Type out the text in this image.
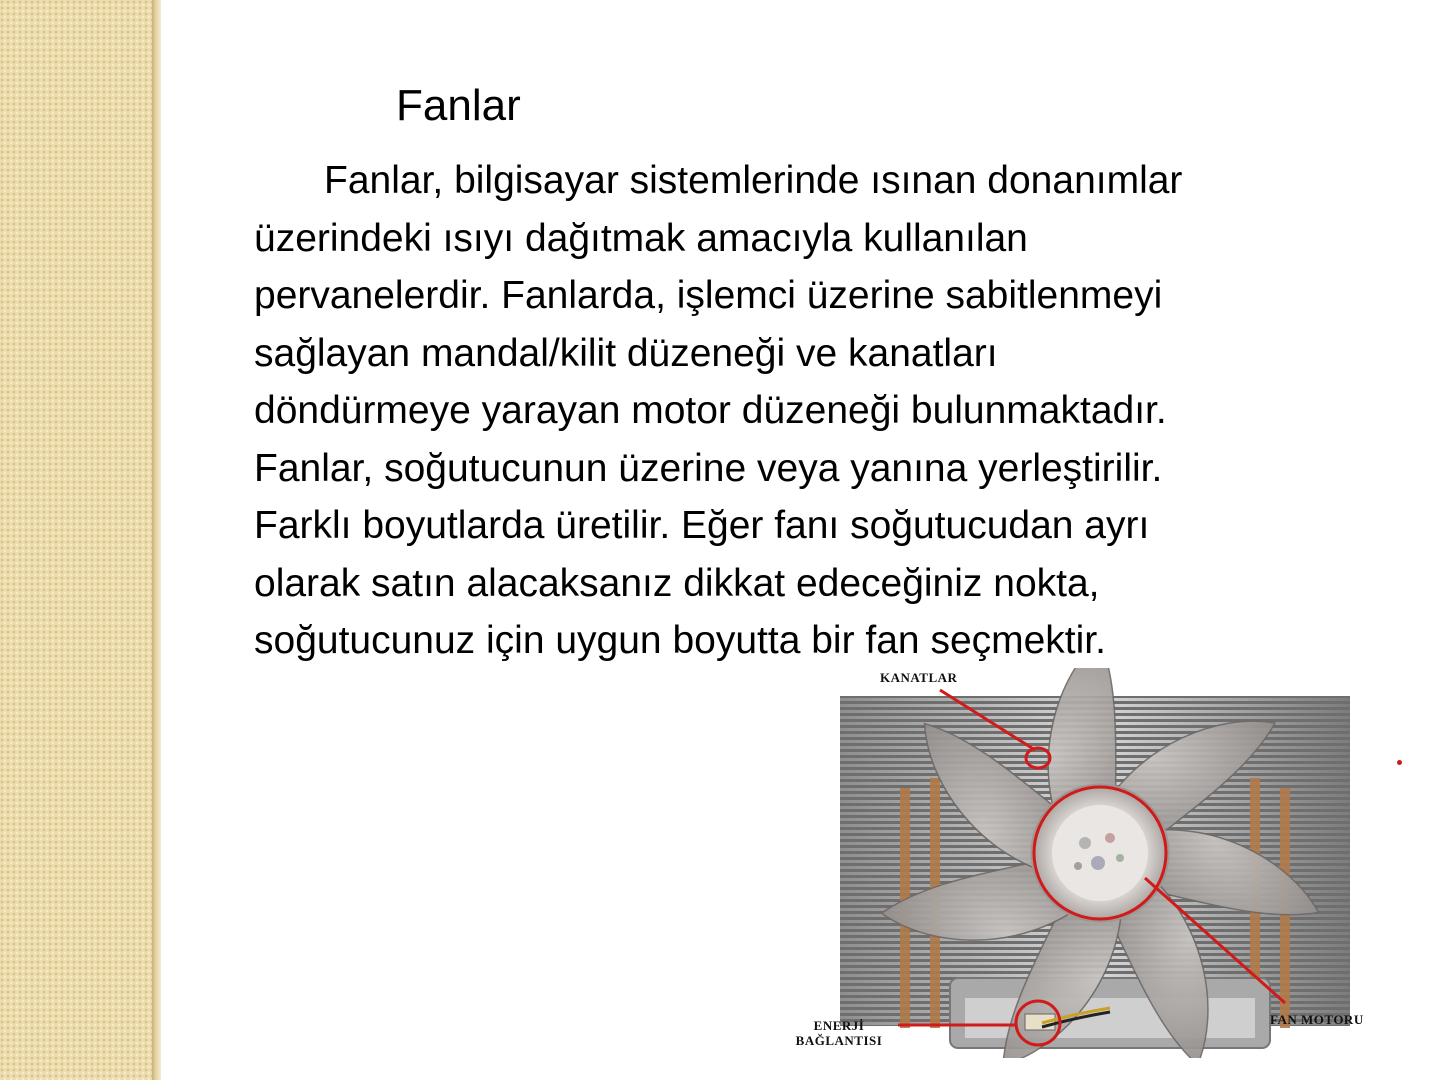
Fanlar
Fanlar, bilgisayar sistemlerinde ısınan donanımlar
üzerindeki ısıyı dağıtmak amacıyla kullanılan
pervanelerdir. Fanlarda, işlemci üzerine sabitlenmeyi
sağlayan mandal/kilit düzeneği ve kanatları
döndürmeye yarayan motor düzeneği bulunmaktadır.
Fanlar, soğutucunun üzerine veya yanına yerleştirilir.
Farklı boyutlarda üretilir. Eğer fanı soğutucudan ayrı
olarak satın alacaksanız dikkat edeceğiniz nokta,
soğutucunuz için uygun boyutta bir fan seçmektir.
KANATLAR
ENERJİ
BAĞLANTISI
FAN MOTORU
